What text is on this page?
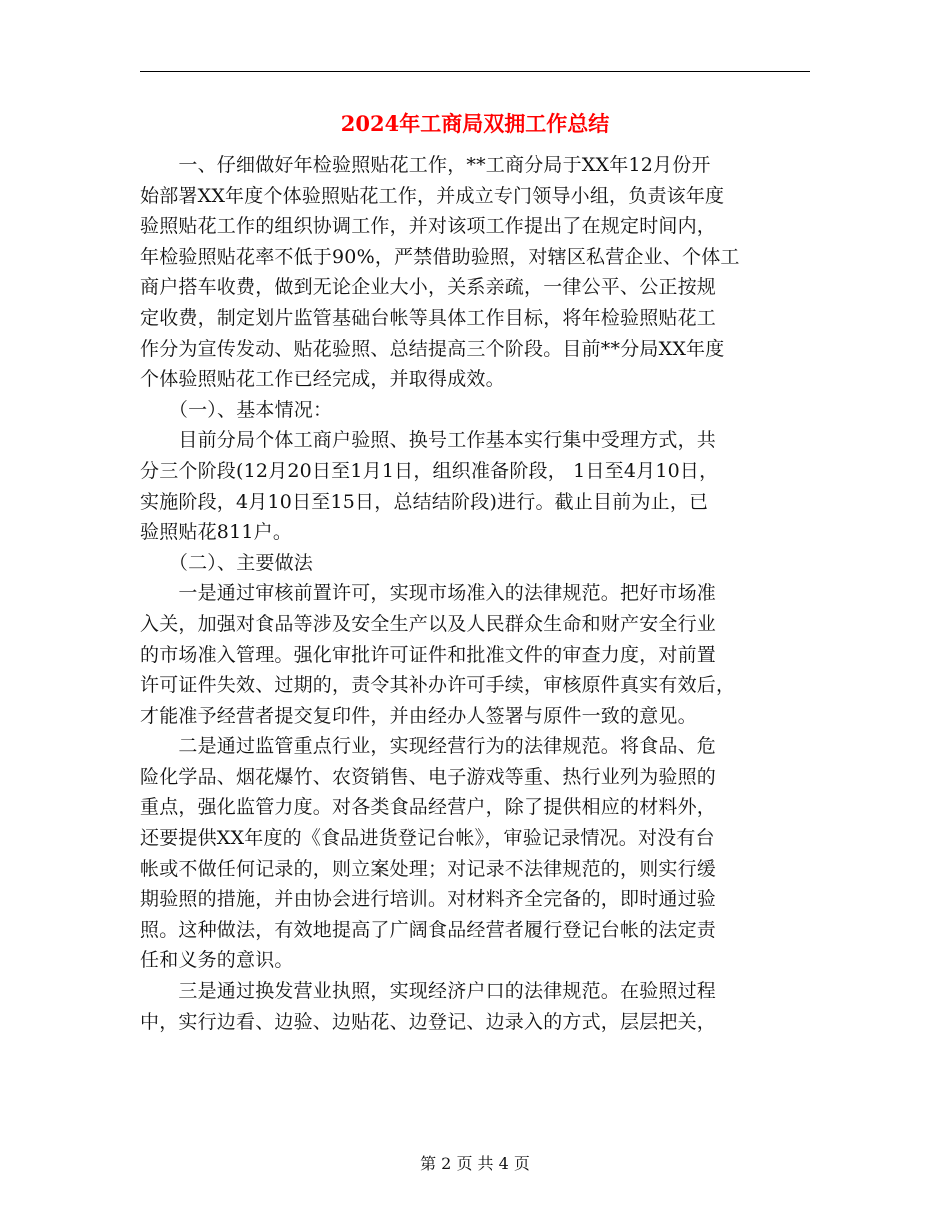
2024年工商局双拥工作总结
　　一、仔细做好年检验照贴花工作，**工商分局于XX年12月份开
始部署XX年度个体验照贴花工作，并成立专门领导小组，负责该年度
验照贴花工作的组织协调工作，并对该项工作提出了在规定时间内，
年检验照贴花率不低于90%，严禁借助验照，对辖区私营企业、个体工
商户搭车收费，做到无论企业大小，关系亲疏，一律公平、公正按规
定收费，制定划片监管基础台帐等具体工作目标，将年检验照贴花工
作分为宣传发动、贴花验照、总结提高三个阶段。目前**分局XX年度
个体验照贴花工作已经完成，并取得成效。
　　（一）、基本情况：
　　目前分局个体工商户验照、换号工作基本实行集中受理方式，共
分三个阶段(12月20日至1月1日，组织准备阶段， 1日至4月10日，
实施阶段，4月10日至15日，总结结阶段)进行。截止目前为止，已
验照贴花811户。
　　（二）、主要做法
　　一是通过审核前置许可，实现市场准入的法律规范。把好市场准
入关，加强对食品等涉及安全生产以及人民群众生命和财产安全行业
的市场准入管理。强化审批许可证件和批准文件的审查力度，对前置
许可证件失效、过期的，责令其补办许可手续，审核原件真实有效后，
才能准予经营者提交复印件，并由经办人签署与原件一致的意见。
　　二是通过监管重点行业，实现经营行为的法律规范。将食品、危
险化学品、烟花爆竹、农资销售、电子游戏等重、热行业列为验照的
重点，强化监管力度。对各类食品经营户，除了提供相应的材料外，
还要提供XX年度的《食品进货登记台帐》，审验记录情况。对没有台
帐或不做任何记录的，则立案处理；对记录不法律规范的，则实行缓
期验照的措施，并由协会进行培训。对材料齐全完备的，即时通过验
照。这种做法，有效地提高了广阔食品经营者履行登记台帐的法定责
任和义务的意识。
　　三是通过换发营业执照，实现经济户口的法律规范。在验照过程
中，实行边看、边验、边贴花、边登记、边录入的方式，层层把关，
第 2 页 共 4 页
